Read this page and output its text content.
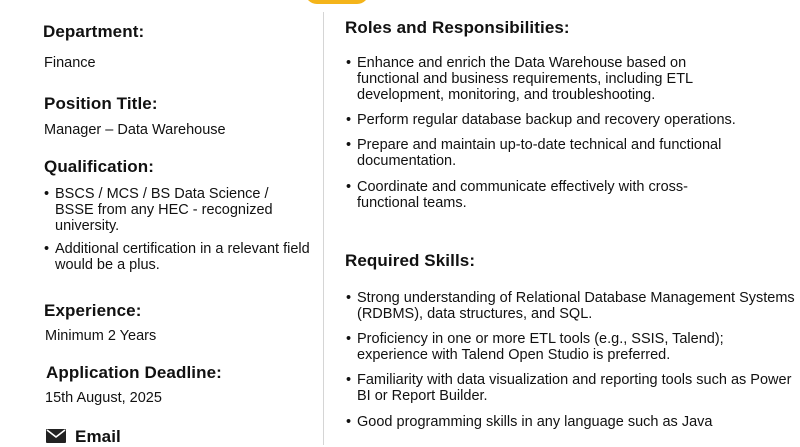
Department:
Finance
Position Title:
Manager – Data Warehouse
Qualification:
• BSCS / MCS / BS Data Science / BSSE from any HEC - recognized university.
• Additional certification in a relevant field would be a plus.
Experience:
Minimum 2 Years
Application Deadline:
15th August, 2025
Email
Roles and Responsibilities:
• Enhance and enrich the Data Warehouse based on functional and business requirements, including ETL development, monitoring, and troubleshooting.
• Perform regular database backup and recovery operations.
• Prepare and maintain up-to-date technical and functional documentation.
• Coordinate and communicate effectively with cross-functional teams.
Required Skills:
• Strong understanding of Relational Database Management Systems (RDBMS), data structures, and SQL.
• Proficiency in one or more ETL tools (e.g., SSIS, Talend); experience with Talend Open Studio is preferred.
• Familiarity with data visualization and reporting tools such as Power BI or Report Builder.
• Good programming skills in any language such as Java
